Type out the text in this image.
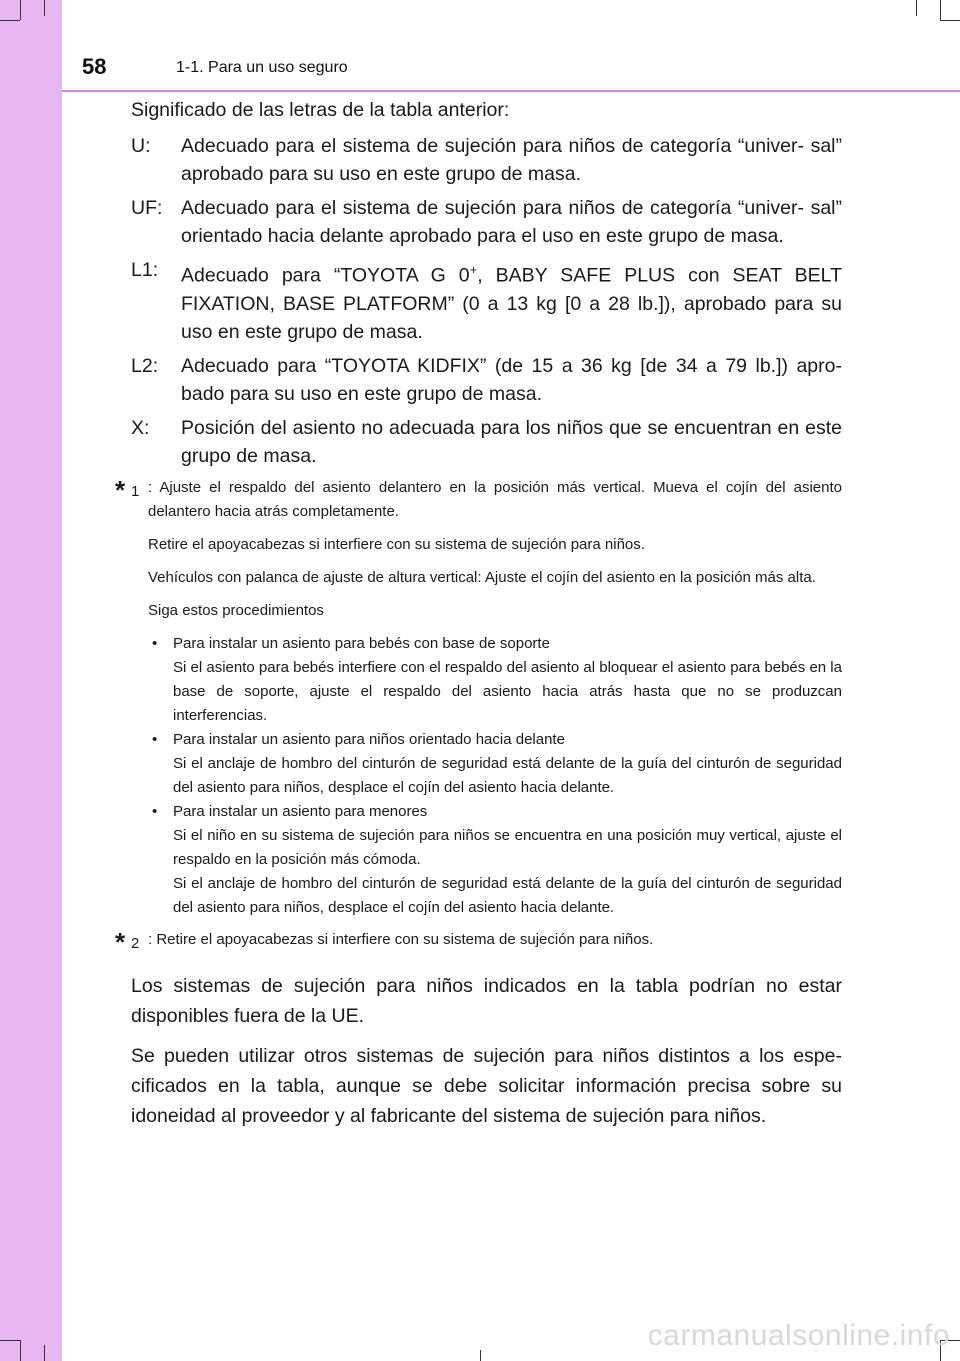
58	1-1. Para un uso seguro

Significado de las letras de la tabla anterior:

U:	Adecuado para el sistema de sujeción para niños de categoría “univer- sal” aprobado para su uso en este grupo de masa.
UF: Adecuado para el sistema de sujeción para niños de categoría “univer- sal” orientado hacia delante aprobado para el uso en este grupo de masa.
L1:	Adecuado para “TOYOTA G 0+, BABY SAFE PLUS con SEAT BELT FIXATION, BASE PLATFORM” (0 a 13 kg [0 a 28 lb.]), aprobado para su uso en este grupo de masa.
L2:	Adecuado para “TOYOTA KIDFIX” (de 15 a 36 kg [de 34 a 79 lb.]) apro- bado para su uso en este grupo de masa.
X:	Posición del asiento no adecuada para los niños que se encuentran en este grupo de masa.
* 1 : Ajuste el respaldo del asiento delantero en la posición más vertical. Mueva el cojín del asiento delantero hacia atrás completamente.

Retire el apoyacabezas si interfiere con su sistema de sujeción para niños.

Vehículos con palanca de ajuste de altura vertical: Ajuste el cojín del asiento en la posición más alta.

Siga estos procedimientos

•	Para instalar un asiento para bebés con base de soporte
Si el asiento para bebés interfiere con el respaldo del asiento al bloquear el asiento para bebés en la base de soporte, ajuste el respaldo del asiento hacia atrás hasta que no se produzcan interferencias.
•	Para instalar un asiento para niños orientado hacia delante
Si el anclaje de hombro del cinturón de seguridad está delante de la guía del cinturón de seguridad del asiento para niños, desplace el cojín del asiento hacia delante.
•	Para instalar un asiento para menores
Si el niño en su sistema de sujeción para niños se encuentra en una posición muy vertical, ajuste el respaldo en la posición más cómoda.
Si el anclaje de hombro del cinturón de seguridad está delante de la guía del cinturón de seguridad del asiento para niños, desplace el cojín del asiento hacia delante.
* 2 : Retire el apoyacabezas si interfiere con su sistema de sujeción para niños.

Los sistemas de sujeción para niños indicados en la tabla podrían no estar disponibles fuera de la UE.

Se pueden utilizar otros sistemas de sujeción para niños distintos a los espe- cificados en la tabla, aunque se debe solicitar información precisa sobre su idoneidad al proveedor y al fabricante del sistema de sujeción para niños.

carmanualsonline.info
